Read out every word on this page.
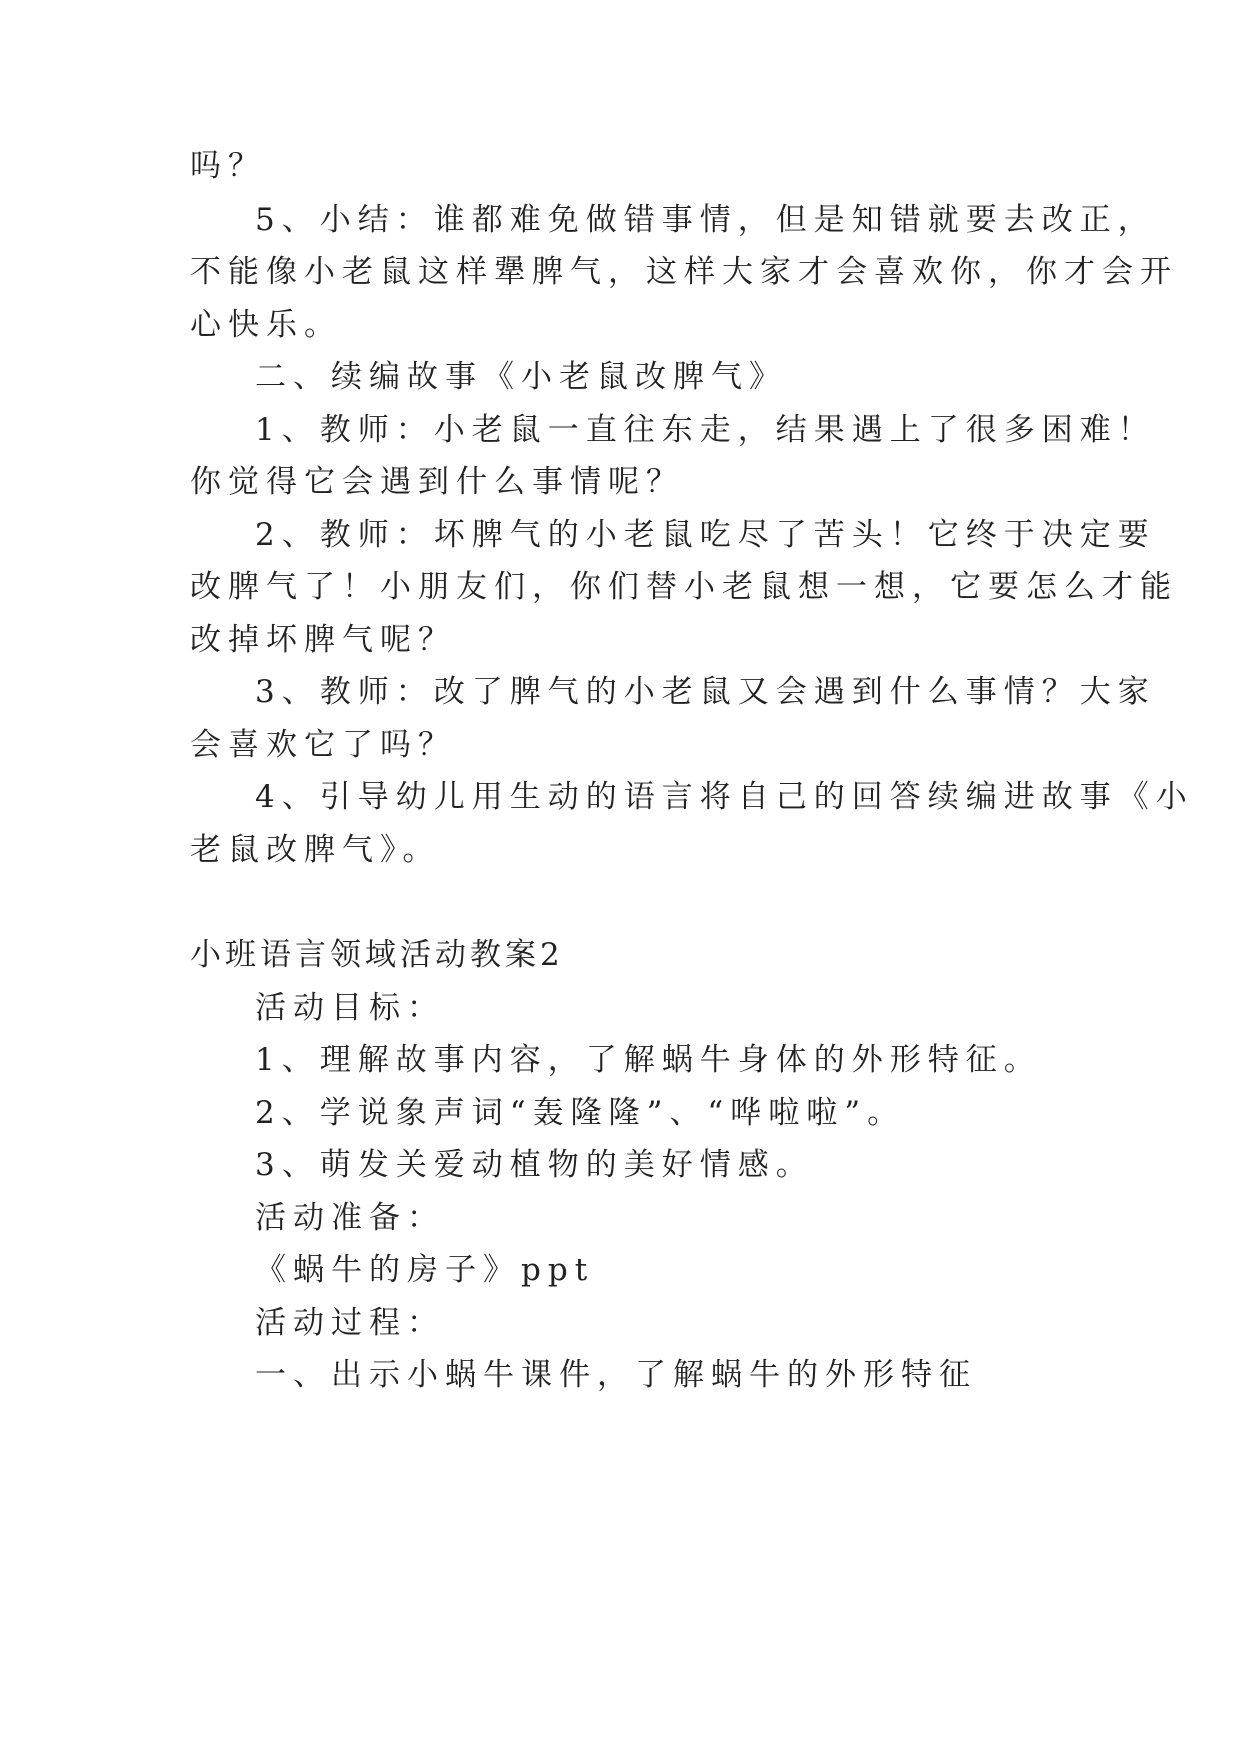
吗？
5、小结：谁都难免做错事情，但是知错就要去改正，
不能像小老鼠这样犟脾气，这样大家才会喜欢你，你才会开
心快乐。
二、续编故事《小老鼠改脾气》
1、教师：小老鼠一直往东走，结果遇上了很多困难！
你觉得它会遇到什么事情呢？
2、教师：坏脾气的小老鼠吃尽了苦头！它终于决定要
改脾气了！小朋友们，你们替小老鼠想一想，它要怎么才能
改掉坏脾气呢？
3、教师：改了脾气的小老鼠又会遇到什么事情？大家
会喜欢它了吗？
4、引导幼儿用生动的语言将自己的回答续编进故事《小
老鼠改脾气》。
小班语言领域活动教案2
活动目标：
1、理解故事内容，了解蜗牛身体的外形特征。
2、学说象声词“轰隆隆”、“哗啦啦”。
3、萌发关爱动植物的美好情感。
活动准备：
《蜗牛的房子》ppt
活动过程：
一、出示小蜗牛课件，了解蜗牛的外形特征
